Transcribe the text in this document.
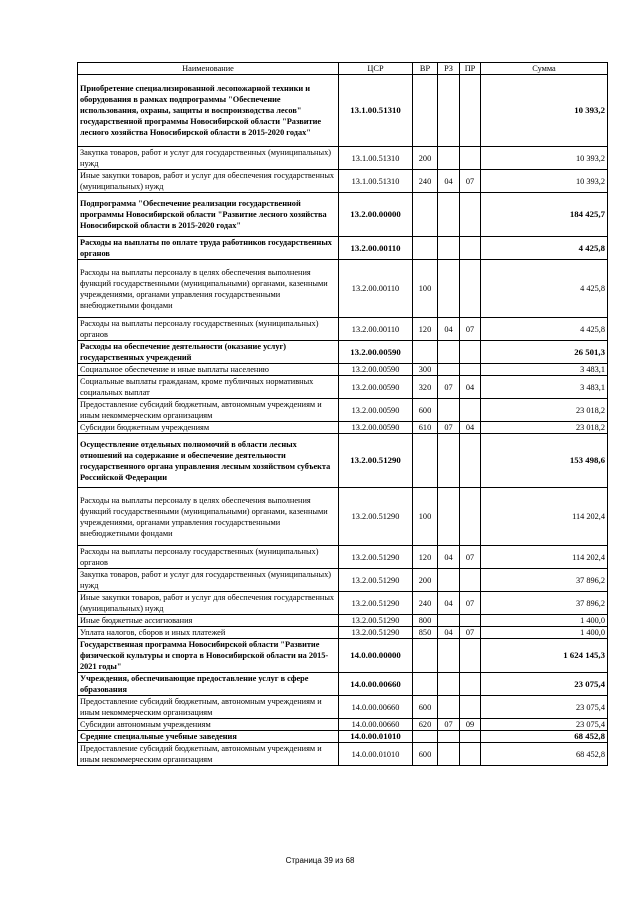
Наименование	ЦСР	ВР	РЗ	ПР	Сумма
Приобретение специализированной лесопожарной техники и оборудования в рамках подпрограммы "Обеспечение использования, охраны, защиты и воспроизводства лесов" государственной программы Новосибирской области "Развитие лесного хозяйства Новосибирской области в 2015-2020 годах"	13.1.00.51310				10 393,2
Закупка товаров, работ и услуг для государственных (муниципальных) нужд	13.1.00.51310	200			10 393,2
Иные закупки товаров, работ и услуг для обеспечения государственных (муниципальных) нужд	13.1.00.51310	240	04	07	10 393,2
Подпрограмма "Обеспечение реализации государственной программы Новосибирской области "Развитие лесного хозяйства Новосибирской области в 2015-2020 годах"	13.2.00.00000				184 425,7
Расходы на выплаты по оплате труда работников государственных органов	13.2.00.00110				4 425,8
Расходы на выплаты персоналу в целях обеспечения выполнения функций государственными (муниципальными) органами, казенными учреждениями, органами управления государственными внебюджетными фондами	13.2.00.00110	100			4 425,8
Расходы на выплаты персоналу государственных (муниципальных) органов	13.2.00.00110	120	04	07	4 425,8
Расходы на обеспечение деятельности (оказание услуг) государственных учреждений	13.2.00.00590				26 501,3
Социальное обеспечение и иные выплаты населению	13.2.00.00590	300			3 483,1
Социальные выплаты гражданам, кроме публичных нормативных социальных выплат	13.2.00.00590	320	07	04	3 483,1
Предоставление субсидий бюджетным, автономным учреждениям и иным некоммерческим организациям	13.2.00.00590	600			23 018,2
Субсидии бюджетным учреждениям	13.2.00.00590	610	07	04	23 018,2
Осуществление отдельных полномочий в области лесных отношений на содержание и обеспечение деятельности государственного органа управления лесным хозяйством субъекта Российской Федерации	13.2.00.51290				153 498,6
Расходы на выплаты персоналу в целях обеспечения выполнения функций государственными (муниципальными) органами, казенными учреждениями, органами управления государственными внебюджетными фондами	13.2.00.51290	100			114 202,4
Расходы на выплаты персоналу государственных (муниципальных) органов	13.2.00.51290	120	04	07	114 202,4
Закупка товаров, работ и услуг для государственных (муниципальных) нужд	13.2.00.51290	200			37 896,2
Иные закупки товаров, работ и услуг для обеспечения государственных (муниципальных) нужд	13.2.00.51290	240	04	07	37 896,2
Иные бюджетные ассигнования	13.2.00.51290	800			1 400,0
Уплата налогов, сборов и иных платежей	13.2.00.51290	850	04	07	1 400,0
Государственная программа Новосибирской области "Развитие физической культуры и спорта в Новосибирской области на 2015-2021 годы"	14.0.00.00000				1 624 145,3
Учреждения, обеспечивающие предоставление услуг в сфере образования	14.0.00.00660				23 075,4
Предоставление субсидий бюджетным, автономным учреждениям и иным некоммерческим организациям	14.0.00.00660	600			23 075,4
Субсидии автономным учреждениям	14.0.00.00660	620	07	09	23 075,4
Средние специальные учебные заведения	14.0.00.01010				68 452,8
Предоставление субсидий бюджетным, автономным учреждениям и иным некоммерческим организациям	14.0.00.01010	600			68 452,8
Страница 39 из 68
